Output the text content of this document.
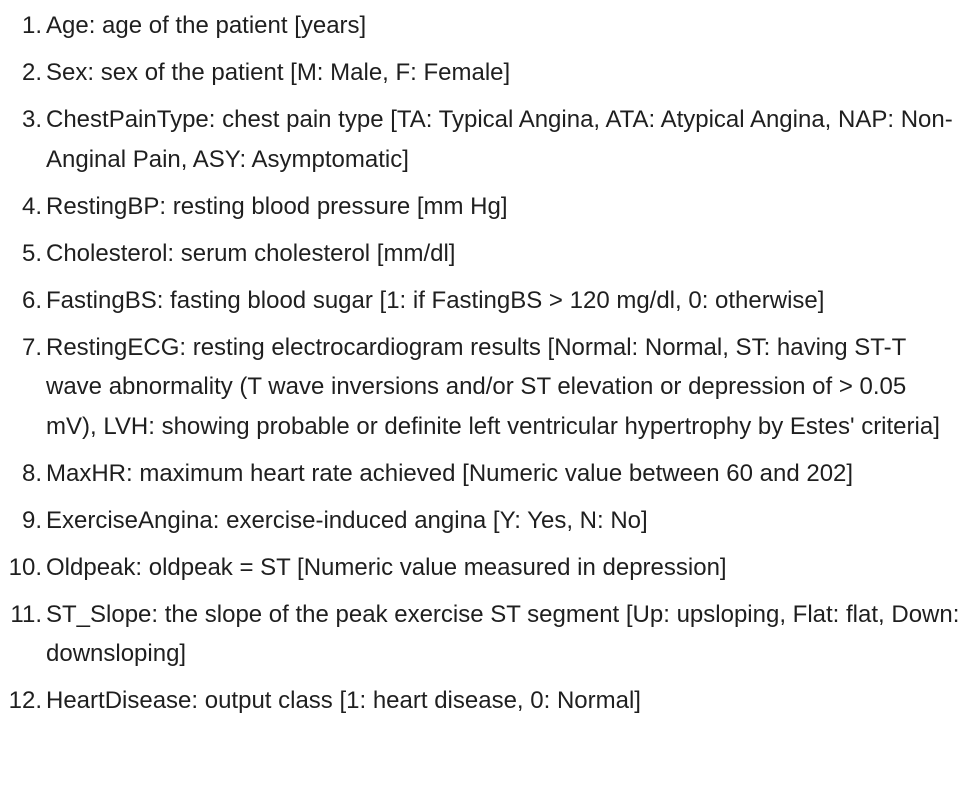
1. Age: age of the patient [years]
2. Sex: sex of the patient [M: Male, F: Female]
3. ChestPainType: chest pain type [TA: Typical Angina, ATA: Atypical Angina, NAP: Non-Anginal Pain, ASY: Asymptomatic]
4. RestingBP: resting blood pressure [mm Hg]
5. Cholesterol: serum cholesterol [mm/dl]
6. FastingBS: fasting blood sugar [1: if FastingBS > 120 mg/dl, 0: otherwise]
7. RestingECG: resting electrocardiogram results [Normal: Normal, ST: having ST-T wave abnormality (T wave inversions and/or ST elevation or depression of > 0.05 mV), LVH: showing probable or definite left ventricular hypertrophy by Estes' criteria]
8. MaxHR: maximum heart rate achieved [Numeric value between 60 and 202]
9. ExerciseAngina: exercise-induced angina [Y: Yes, N: No]
10. Oldpeak: oldpeak = ST [Numeric value measured in depression]
11. ST_Slope: the slope of the peak exercise ST segment [Up: upsloping, Flat: flat, Down: downsloping]
12. HeartDisease: output class [1: heart disease, 0: Normal]
